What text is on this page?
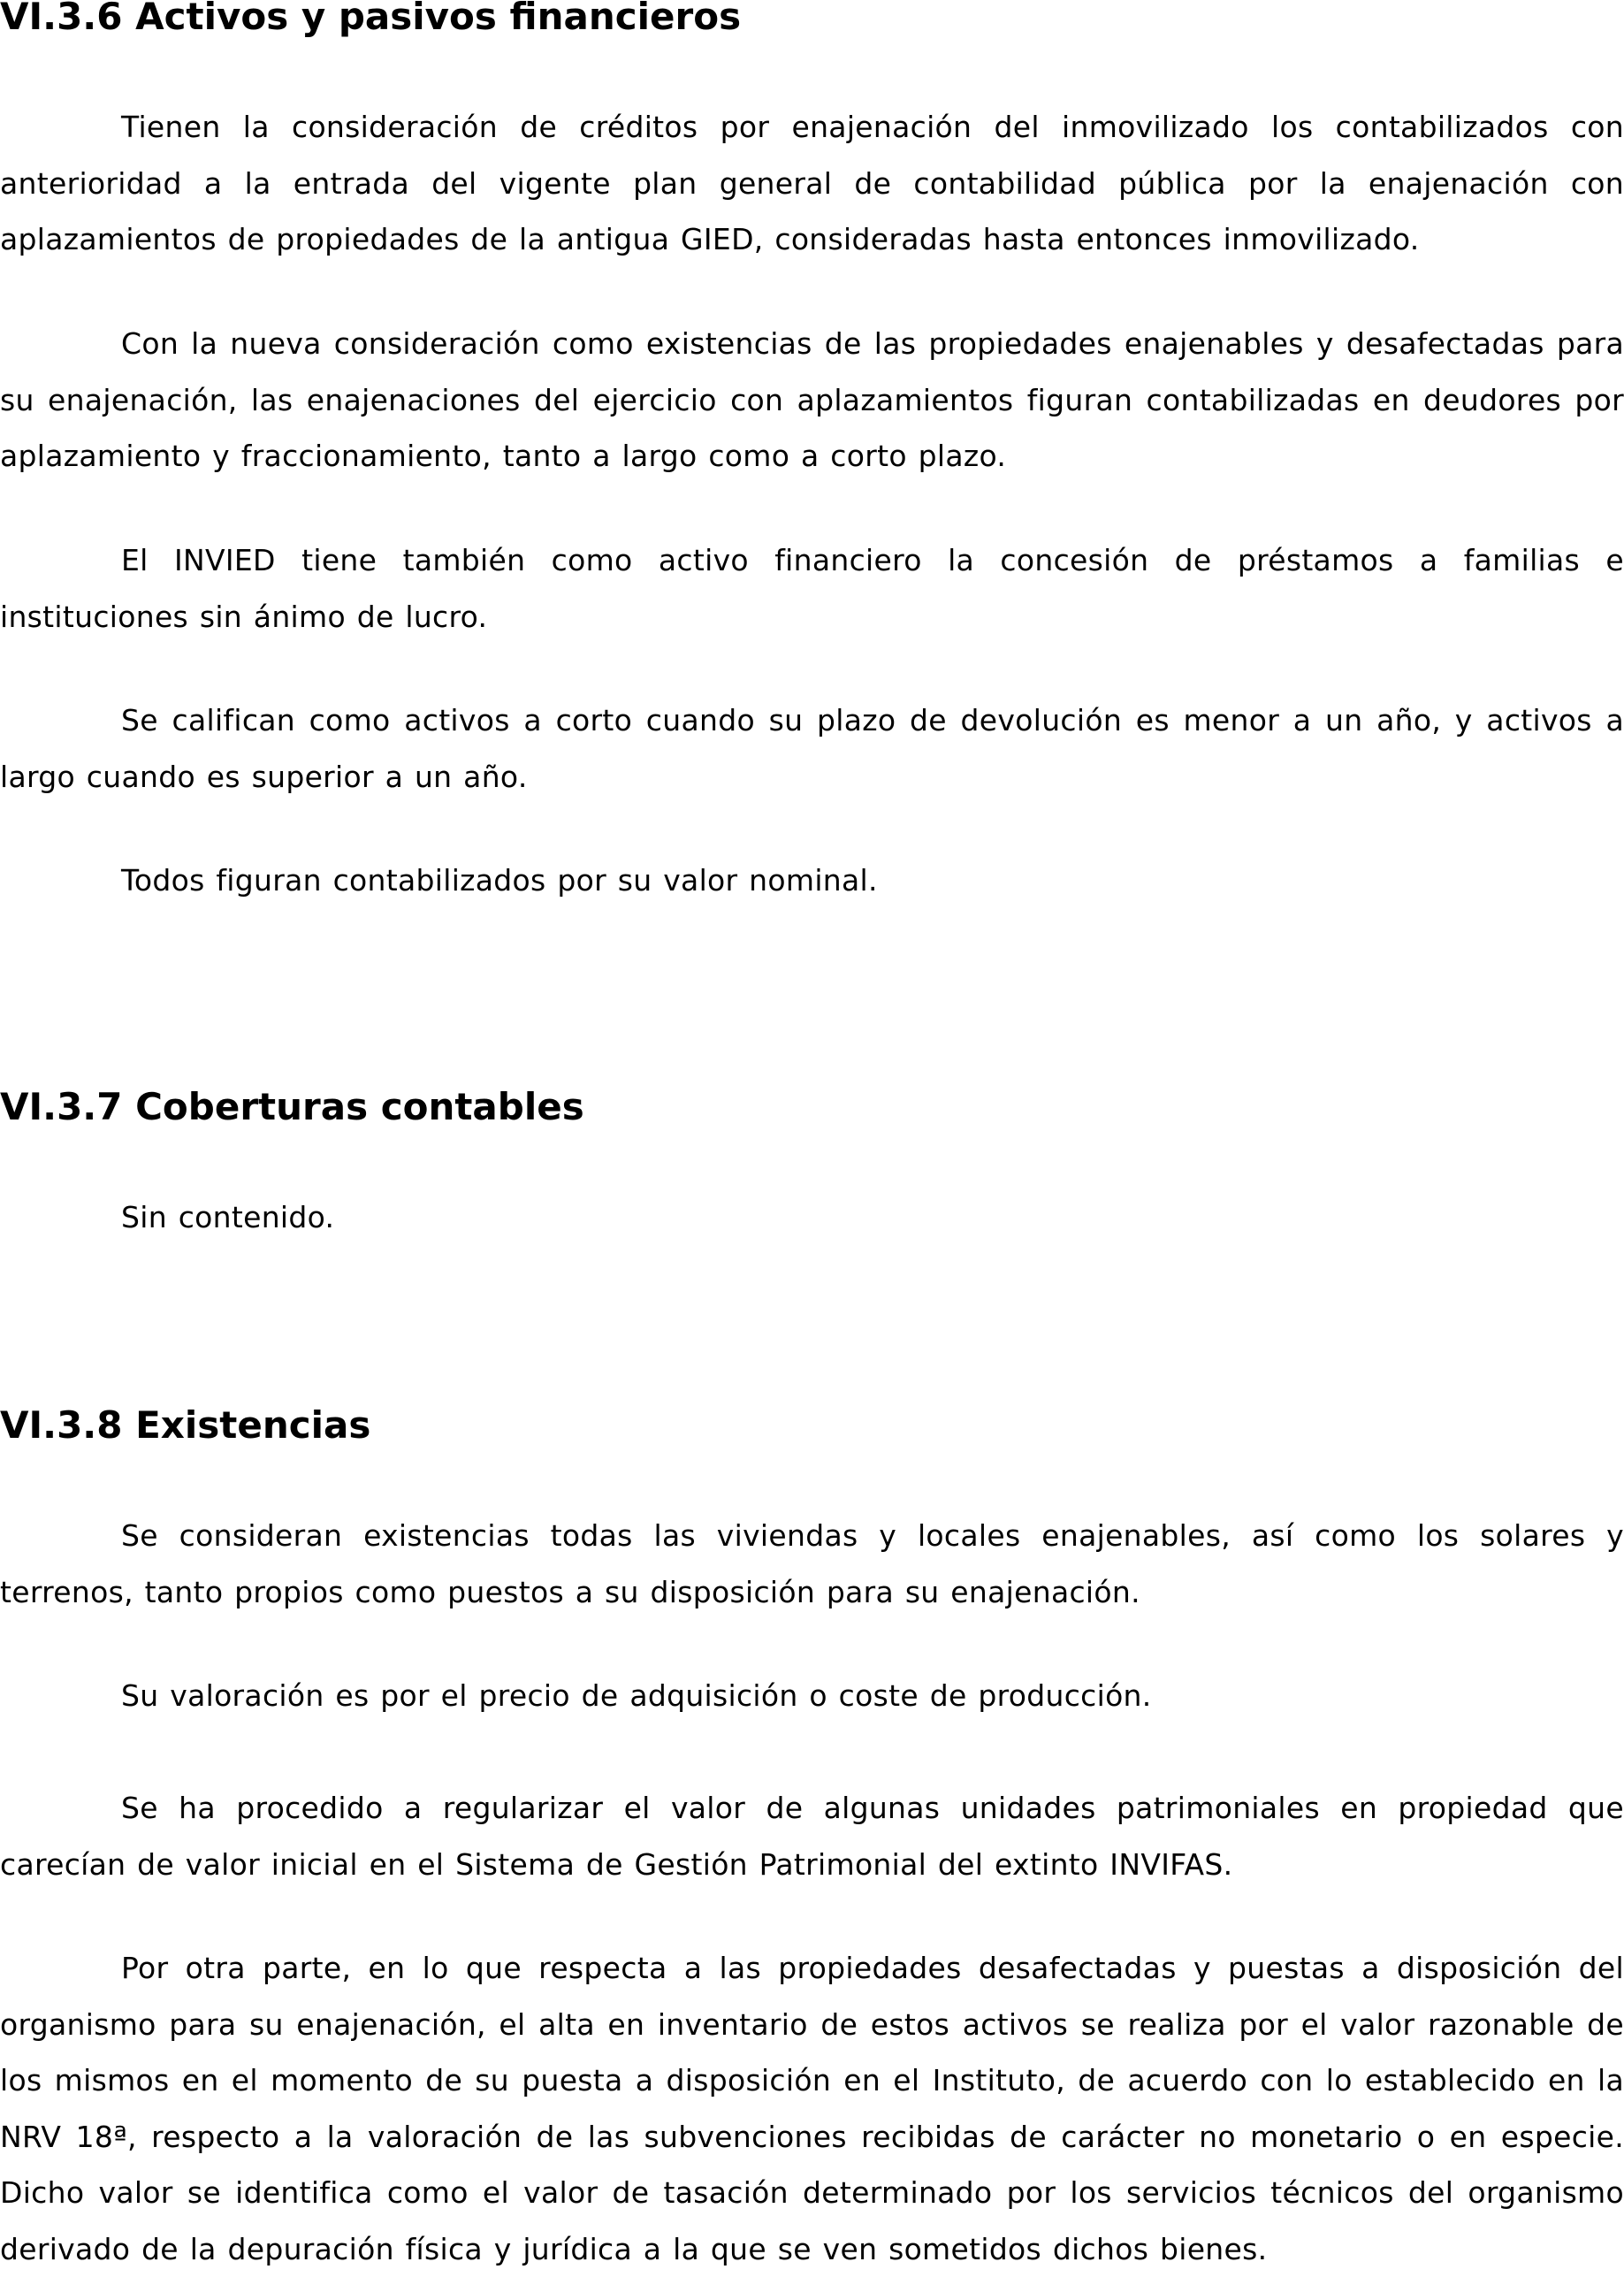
VI.3.6 Activos y pasivos financieros

Tienen la consideración de créditos por enajenación del inmovilizado los contabilizados con anterioridad a la entrada del vigente plan general de contabilidad pública por la enajenación con aplazamientos de propiedades de la antigua GIED, consideradas hasta entonces inmovilizado.

Con la nueva consideración como existencias de las propiedades enajenables y desafectadas para su enajenación, las enajenaciones del ejercicio con aplazamientos figuran contabilizadas en deudores por aplazamiento y fraccionamiento, tanto a largo como a corto plazo.

El INVIED tiene también como activo financiero la concesión de préstamos a familias e instituciones sin ánimo de lucro.

Se califican como activos a corto cuando su plazo de devolución es menor a un año, y activos a largo cuando es superior a un año.

Todos figuran contabilizados por su valor nominal.

VI.3.7 Coberturas contables

Sin contenido.

VI.3.8 Existencias

Se consideran existencias todas las viviendas y locales enajenables, así como los solares y terrenos, tanto propios como puestos a su disposición para su enajenación.

Su valoración es por el precio de adquisición o coste de producción.

Se ha procedido a regularizar el valor de algunas unidades patrimoniales en propiedad que carecían de valor inicial en el Sistema de Gestión Patrimonial del extinto INVIFAS.

Por otra parte, en lo que respecta a las propiedades desafectadas y puestas a disposición del organismo para su enajenación, el alta en inventario de estos activos se realiza por el valor razonable de los mismos en el momento de su puesta a disposición en el Instituto, de acuerdo con lo establecido en la NRV 18ª, respecto a la valoración de las subvenciones recibidas de carácter no monetario o en especie. Dicho valor se identifica como el valor de tasación determinado por los servicios técnicos del organismo derivado de la depuración física y jurídica a la que se ven sometidos dichos bienes.
